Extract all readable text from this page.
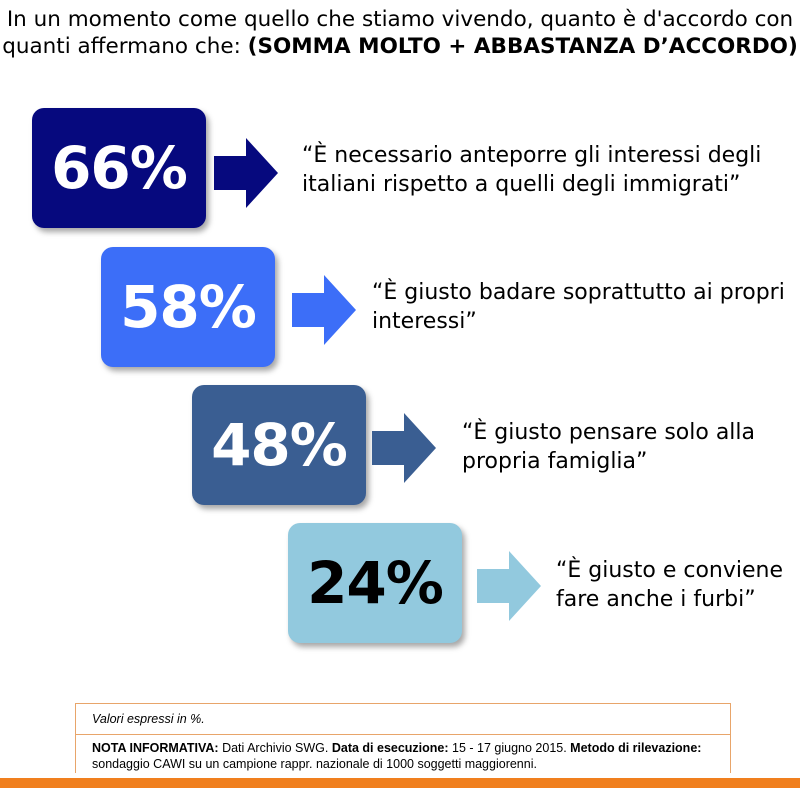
In un momento come quello che stiamo vivendo, quanto è d'accordo con
quanti affermano che: (SOMMA MOLTO + ABBASTANZA D’ACCORDO)
66%	“È necessario anteporre gli interessi degli
italiani rispetto a quelli degli immigrati”
58%	“È giusto badare soprattutto ai propri
interessi”
48%	“È giusto pensare solo alla
propria famiglia”
24%	“È giusto e conviene
fare anche i furbi”
Valori espressi in %.
NOTA INFORMATIVA: Dati Archivio SWG. Data di esecuzione: 15 - 17 giugno 2015. Metodo di rilevazione: sondaggio CAWI su un campione rappr. nazionale di 1000 soggetti maggiorenni.
